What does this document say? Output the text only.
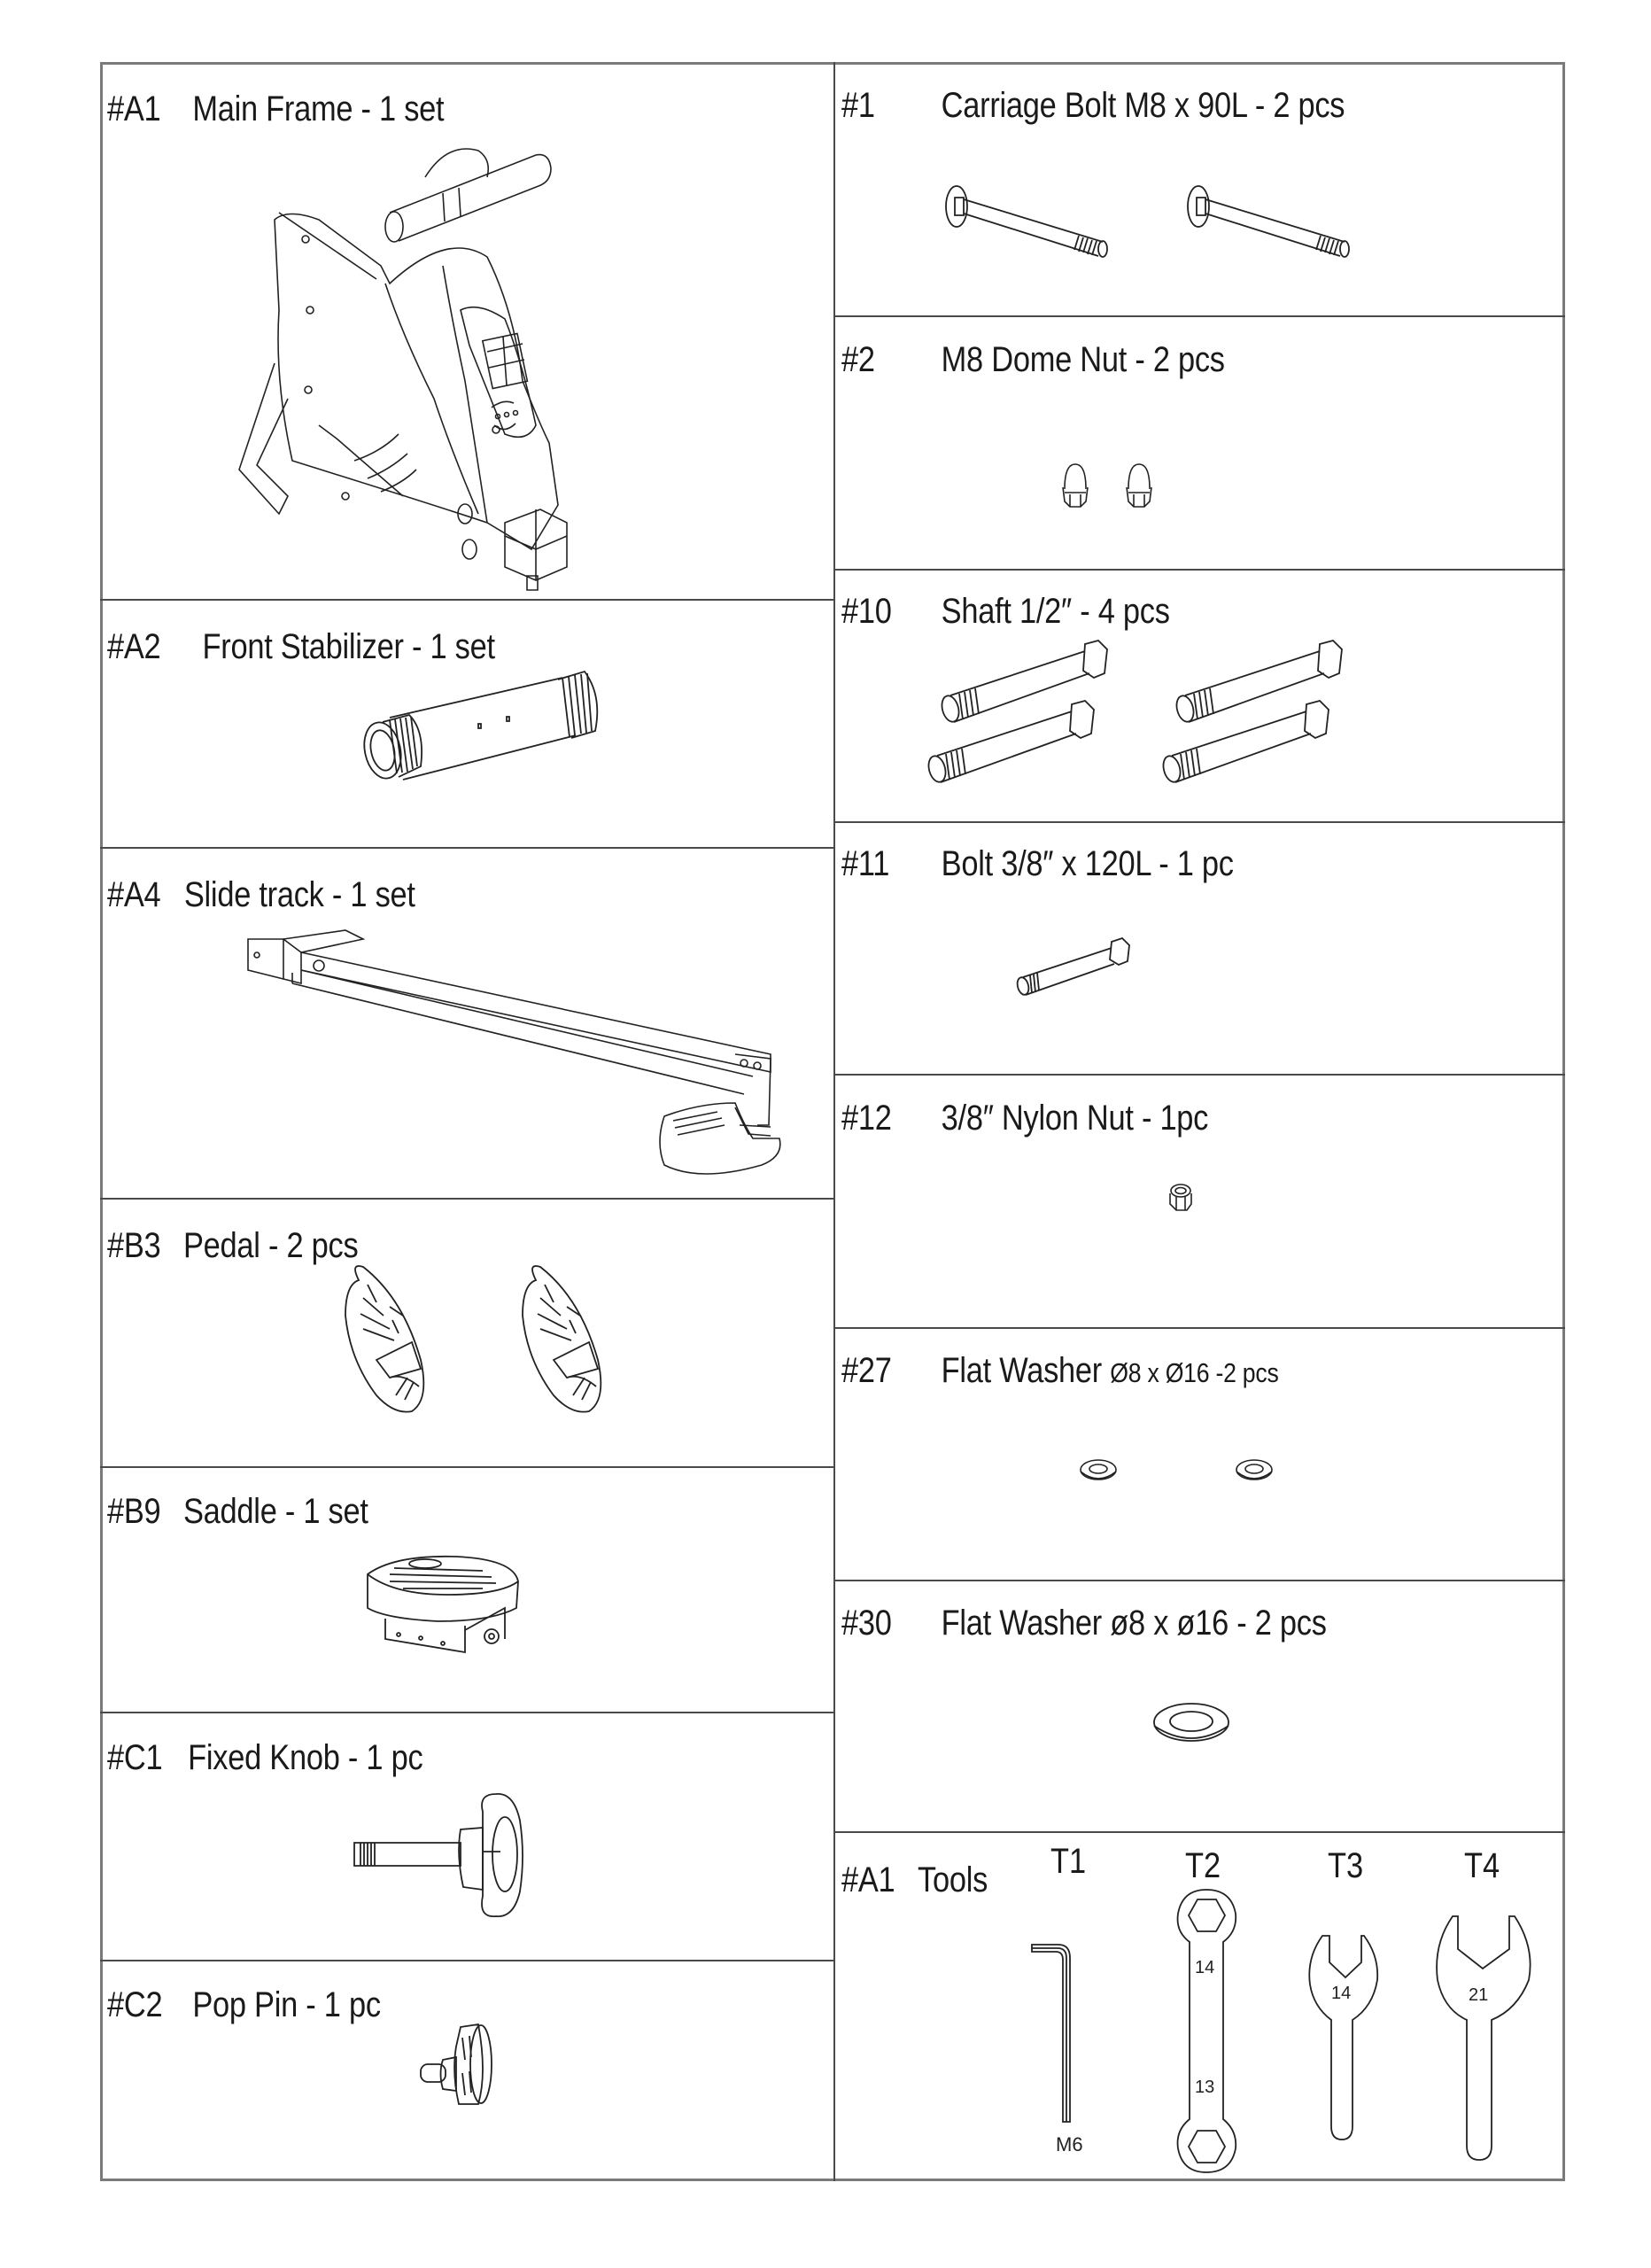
#A1 Main Frame - 1 set
#A2 Front Stabilizer - 1 set
#A4 Slide track - 1 set
#B3 Pedal - 2 pcs
#B9 Saddle - 1 set
#C1 Fixed Knob - 1 pc
#C2 Pop Pin - 1 pc
#1 Carriage Bolt M8 x 90L - 2 pcs
#2 M8 Dome Nut - 2 pcs
#10 Shaft 1/2″ - 4 pcs
#11 Bolt 3/8″ x 120L - 1 pc
#12 3/8″ Nylon Nut - 1pc
#27 Flat Washer Ø8 x Ø16 -2 pcs
#30 Flat Washer ø8 x ø16 - 2 pcs
#A1 Tools T1	T2	T3	T4
M6
14
13
14	21
